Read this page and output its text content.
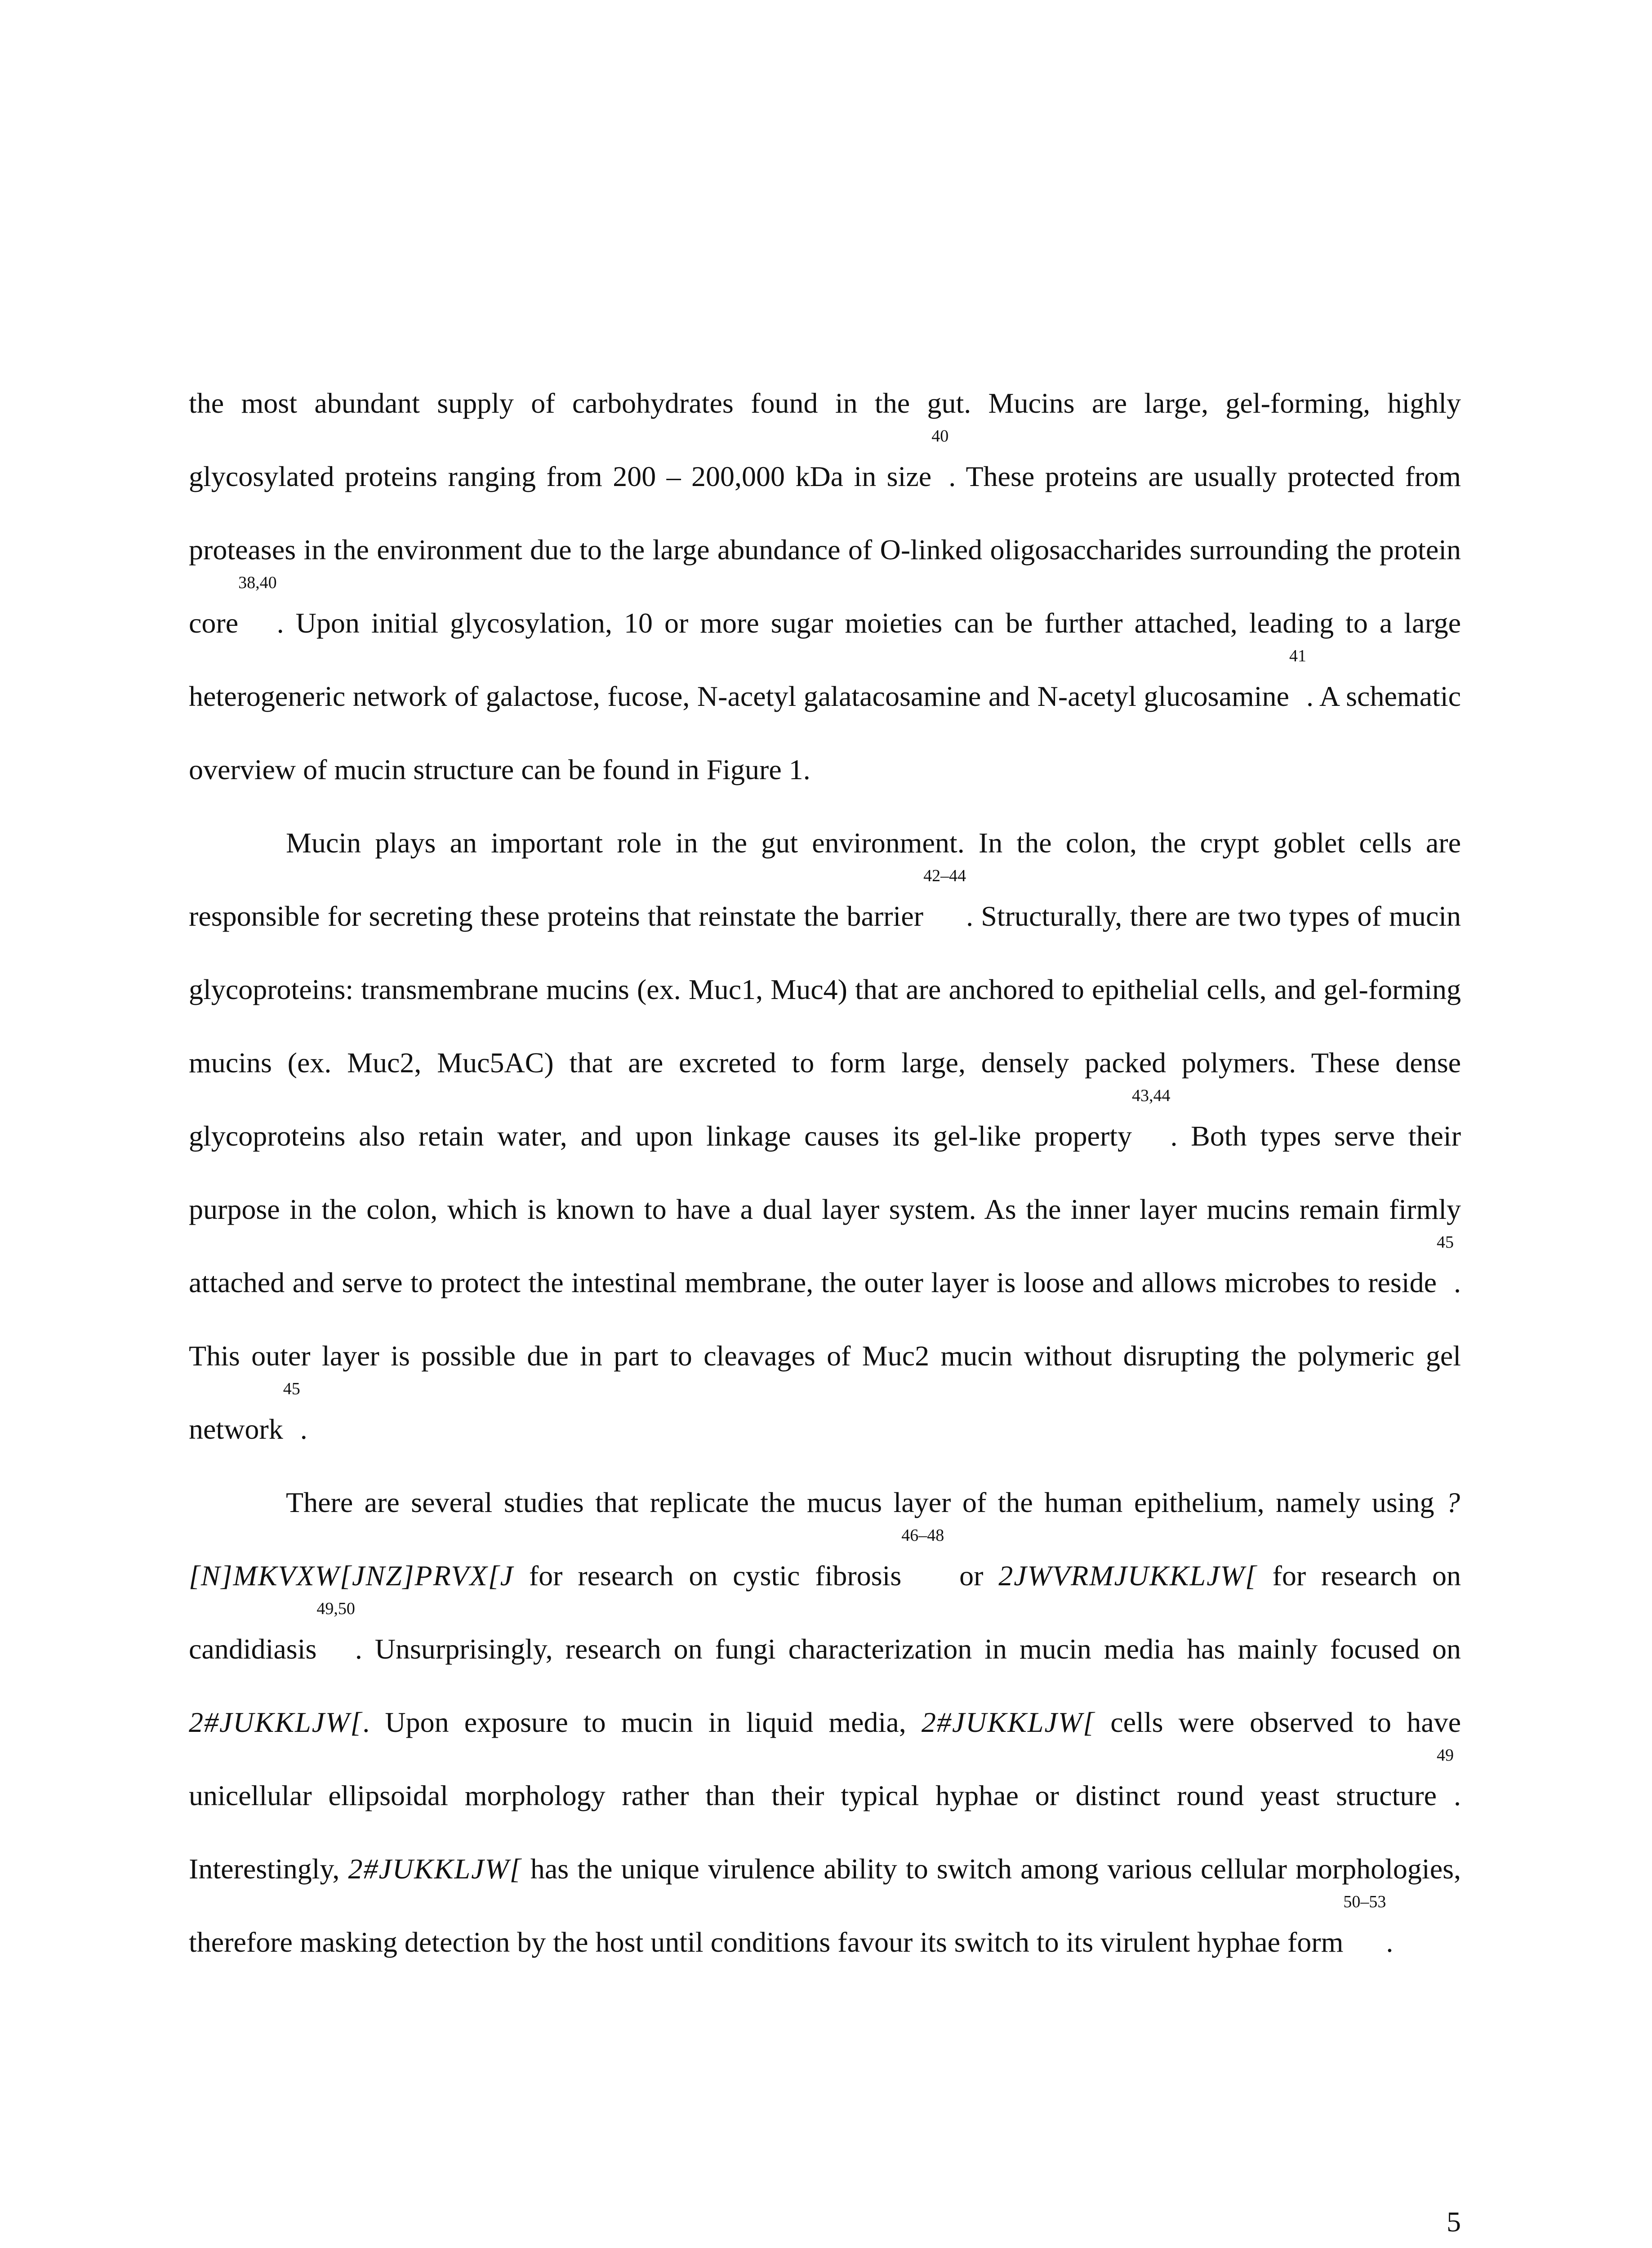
the most abundant supply of carbohydrates found in the gut. Mucins are large, gel-forming, highly glycosylated proteins ranging from 200 – 200,000 kDa in size$^{40}$. These proteins are usually protected from proteases in the environment due to the large abundance of O-linked oligosaccharides surrounding the protein core$^{38,40}$. Upon initial glycosylation, 10 or more sugar moieties can be further attached, leading to a large heterogeneric network of galactose, fucose, N-acetyl galatacosamine and N-acetyl glucosamine$^{41}$. A schematic overview of mucin structure can be found in Figure 1.

Mucin plays an important role in the gut environment. In the colon, the crypt goblet cells are responsible for secreting these proteins that reinstate the barrier$^{42-44}$. Structurally, there are two types of mucin glycoproteins: transmembrane mucins (ex. Muc1, Muc4) that are anchored to epithelial cells, and gel-forming mucins (ex. Muc2, Muc5AC) that are excreted to form large, densely packed polymers. These dense glycoproteins also retain water, and upon linkage causes its gel-like property$^{43,44}$. Both types serve their purpose in the colon, which is known to have a dual layer system. As the inner layer mucins remain firmly attached and serve to protect the intestinal membrane, the outer layer is loose and allows microbes to reside$^{45}$. This outer layer is possible due in part to cleavages of Muc2 mucin without disrupting the polymeric gel network$^{45}$.

There are several studies that replicate the mucus layer of the human epithelium, namely using ?[N]MKVXW[JNZ]PRVX[J for research on cystic fibrosis$^{46-48}$ or 2JWVRMJUKKLJW[ for research on candidiasis$^{49,50}$. Unsurprisingly, research on fungi characterization in mucin media has mainly focused on 2#JUKKLJW[. Upon exposure to mucin in liquid media, 2#JUKKLJW[ cells were observed to have unicellular ellipsoidal morphology rather than their typical hyphae or distinct round yeast structure$^{49}$. Interestingly, 2#JUKKLJW[ has the unique virulence ability to switch among various cellular morphologies, therefore masking detection by the host until conditions favour its switch to its virulent hyphae form$^{50-53}$.

5
